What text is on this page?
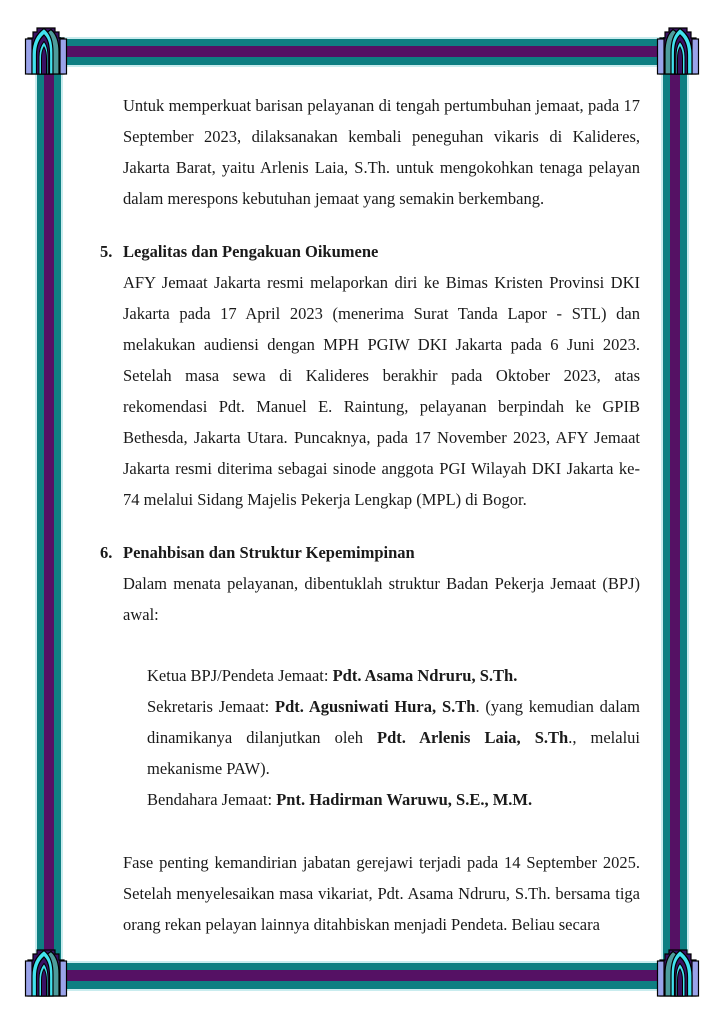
Untuk memperkuat barisan pelayanan di tengah pertumbuhan jemaat, pada 17 September 2023, dilaksanakan kembali peneguhan vikaris di Kalideres, Jakarta Barat, yaitu Arlenis Laia, S.Th. untuk mengokohkan tenaga pelayan dalam merespons kebutuhan jemaat yang semakin berkembang.

5. Legalitas dan Pengakuan Oikumene

AFY Jemaat Jakarta resmi melaporkan diri ke Bimas Kristen Provinsi DKI Jakarta pada 17 April 2023 (menerima Surat Tanda Lapor - STL) dan melakukan audiensi dengan MPH PGIW DKI Jakarta pada 6 Juni 2023. Setelah masa sewa di Kalideres berakhir pada Oktober 2023, atas rekomendasi Pdt. Manuel E. Raintung, pelayanan berpindah ke GPIB Bethesda, Jakarta Utara. Puncaknya, pada 17 November 2023, AFY Jemaat Jakarta resmi diterima sebagai sinode anggota PGI Wilayah DKI Jakarta ke-74 melalui Sidang Majelis Pekerja Lengkap (MPL) di Bogor.

6. Penahbisan dan Struktur Kepemimpinan

Dalam menata pelayanan, dibentuklah struktur Badan Pekerja Jemaat (BPJ) awal:

Ketua BPJ/Pendeta Jemaat: Pdt. Asama Ndruru, S.Th.

Sekretaris Jemaat: Pdt. Agusniwati Hura, S.Th. (yang kemudian dalam dinamikanya dilanjutkan oleh Pdt. Arlenis Laia, S.Th., melalui mekanisme PAW).

Bendahara Jemaat: Pnt. Hadirman Waruwu, S.E., M.M.

Fase penting kemandirian jabatan gerejawi terjadi pada 14 September 2025. Setelah menyelesaikan masa vikariat, Pdt. Asama Ndruru, S.Th. bersama tiga orang rekan pelayan lainnya ditahbiskan menjadi Pendeta. Beliau secara
